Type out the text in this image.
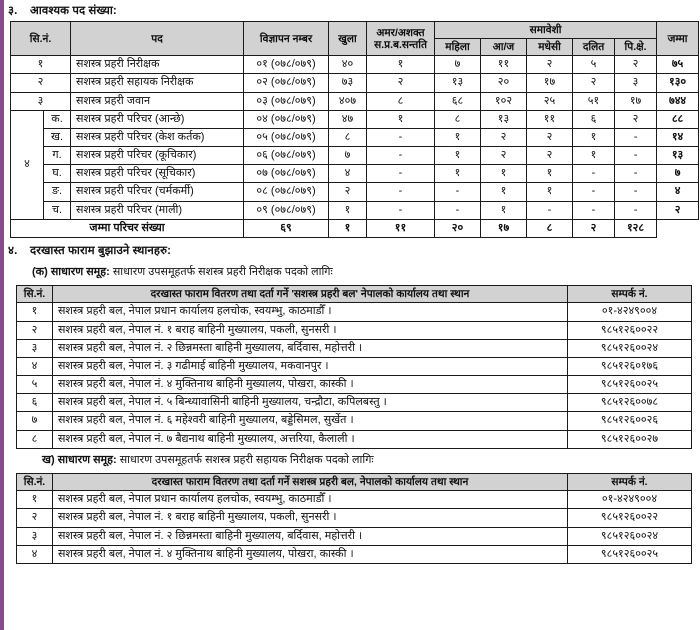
३.	आवश्यक पद संख्या:
सि.नं.		पद	विज्ञापन नम्बर	खुला	अमर/अशक्त
स.प्र.ब.सन्तति	समावेशी					जम्मा
						महिला	आ/ज	मधेसी	दलित	पि.क्षे.	
१		सशस्त्र प्रहरी निरीक्षक	०१ (०७८/०७९)	४०	१	७	११	२	५	२	७५
२		सशस्त्र प्रहरी सहायक निरीक्षक	०२ (०७८/०७९)	७३	२	१३	२०	१७	२	३	१३०
३		सशस्त्र प्रहरी जवान	०३ (०७८/०७९)	४०७	८	६८	१०२	२५	५१	१७	७४४
४	क.	सशस्त्र प्रहरी परिचर (आन्छे)	०४ (०७८/०७९)	४७	१	८	१३	११	६	२	८८
	ख.	सशस्त्र प्रहरी परिचर (केश कर्तक)	०५ (०७८/०७९)	८	-	१	२	२	१	-	१४
	ग.	सशस्त्र प्रहरी परिचर (कूचिकार)	०६ (०७८/०७९)	७	-	१	२	२	१	-	१३
	घ.	सशस्त्र प्रहरी परिचर (सूचिकार)	०७ (०७८/०७९)	४	-	१	१	१	-	-	७
	ङ.	सशस्त्र प्रहरी परिचर (चर्मकर्मी)	०८ (०७८/०७९)	२	-	-	१	१	-	-	४
	च.	सशस्त्र प्रहरी परिचर (माली)	०९ (०७८/०७९)	१	-	-	१	-	-	-	२
जम्मा परिचर संख्या			६९	१	११	२०	१७	८	२	१२८	
४.	दरखास्त फाराम बुझाउने स्थानहरु:
(क) साधारण समूह: साधारण उपसमूहतर्फ सशस्त्र प्रहरी निरीक्षक पदको लागिः
सि.नं.	दरखास्त फाराम वितरण तथा दर्ता गर्ने 'सशस्त्र प्रहरी बल' नेपालको कार्यालय तथा स्थान	सम्पर्क नं.
१	सशस्त्र प्रहरी बल, नेपाल प्रधान कार्यालय हलचोक, स्वयम्भु, काठमाडौँ ।	०१-४२४९००४
२	सशस्त्र प्रहरी बल, नेपाल नं. १ बराह बाहिनी मुख्यालय, पकली, सुनसरी ।	९८५१२६००२२
३	सशस्त्र प्रहरी बल, नेपाल नं. २ छिन्नमस्ता बाहिनी मुख्यालय, बर्दिवास, महोत्तरी ।	९८५१२६००२४
४	सशस्त्र प्रहरी बल, नेपाल नं. ३ गढीमाई बाहिनी मुख्यालय, मकवानपुर ।	९८५१२६०१७६
५	सशस्त्र प्रहरी बल, नेपाल नं. ४ मुक्तिनाथ बाहिनी मुख्यालय, पोखरा, कास्की ।	९८५१२६००२५
६	सशस्त्र प्रहरी बल, नेपाल नं. ५ बिन्ध्यावासिनी बाहिनी मुख्यालय, चन्द्रौटा, कपिलबस्तु ।	९८५१२६००७८
७	सशस्त्र प्रहरी बल, नेपाल नं. ६ महेश्वरी बाहिनी मुख्यालय, बड्डेसिमल, सुर्खेत ।	९८५१२६००२६
८	सशस्त्र प्रहरी बल, नेपाल नं. ७ बैद्यनाथ बाहिनी मुख्यालय, अत्तरिया, कैलाली ।	९८५१२६००२७
ख) साधारण समूह: साधारण उपसमूहतर्फ सशस्त्र प्रहरी सहायक निरीक्षक पदको लागिः
सि.नं.	दरखास्त फाराम वितरण तथा दर्ता गर्ने सशस्त्र प्रहरी बल, नेपालको कार्यालय तथा स्थान	सम्पर्क नं.
१	सशस्त्र प्रहरी बल, नेपाल प्रधान कार्यालय हलचोक, स्वयम्भु, काठमाडौँ ।	०१-४२४९००४
२	सशस्त्र प्रहरी बल, नेपाल नं. १ बराह बाहिनी मुख्यालय, पकली, सुनसरी ।	९८५१२६००२२
३	सशस्त्र प्रहरी बल, नेपाल नं. २ छिन्नमस्ता बाहिनी मुख्यालय, बर्दिवास, महोत्तरी ।	९८५१२६००२४
४	सशस्त्र प्रहरी बल, नेपाल नं. ४ मुक्तिनाथ बाहिनी मुख्यालय, पोखरा, कास्की ।	९८५१२६००२५
